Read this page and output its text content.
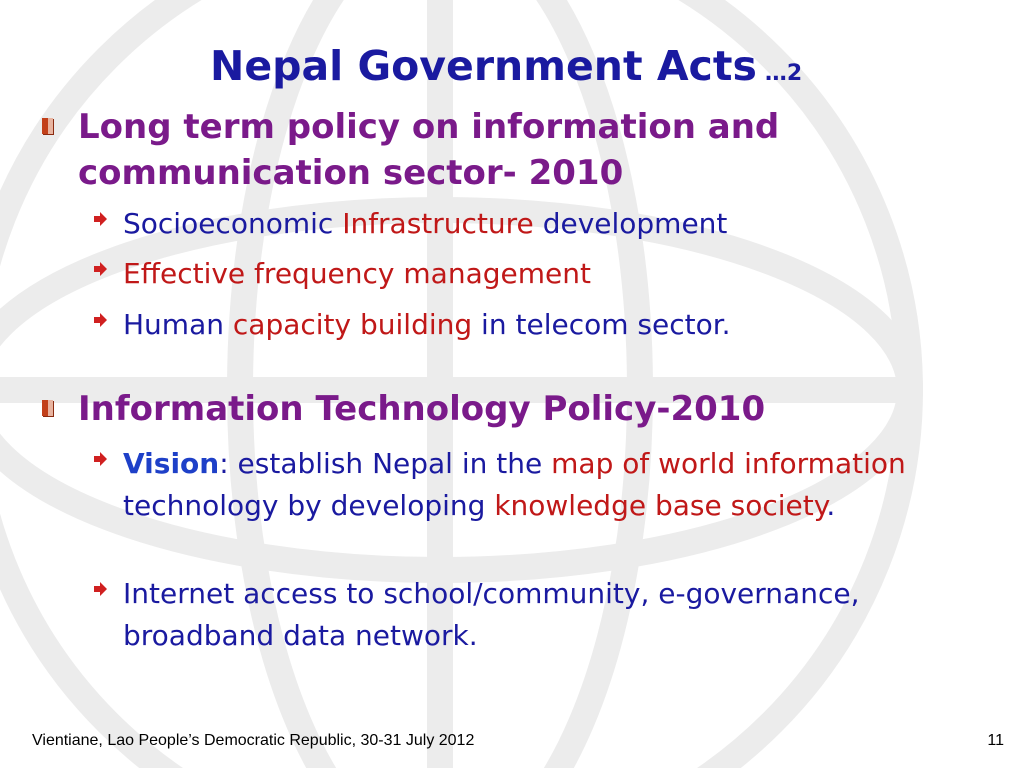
Nepal Government Acts …2
Long term policy on information and communication sector- 2010
Socioeconomic Infrastructure development
Effective frequency management
Human capacity building in telecom sector.
Information Technology Policy-2010
Vision: establish Nepal in the map of world information technology by developing knowledge base society.
Internet access to school/community, e-governance, broadband data network.
Vientiane, Lao People’s Democratic Republic, 30-31 July 2012	11
